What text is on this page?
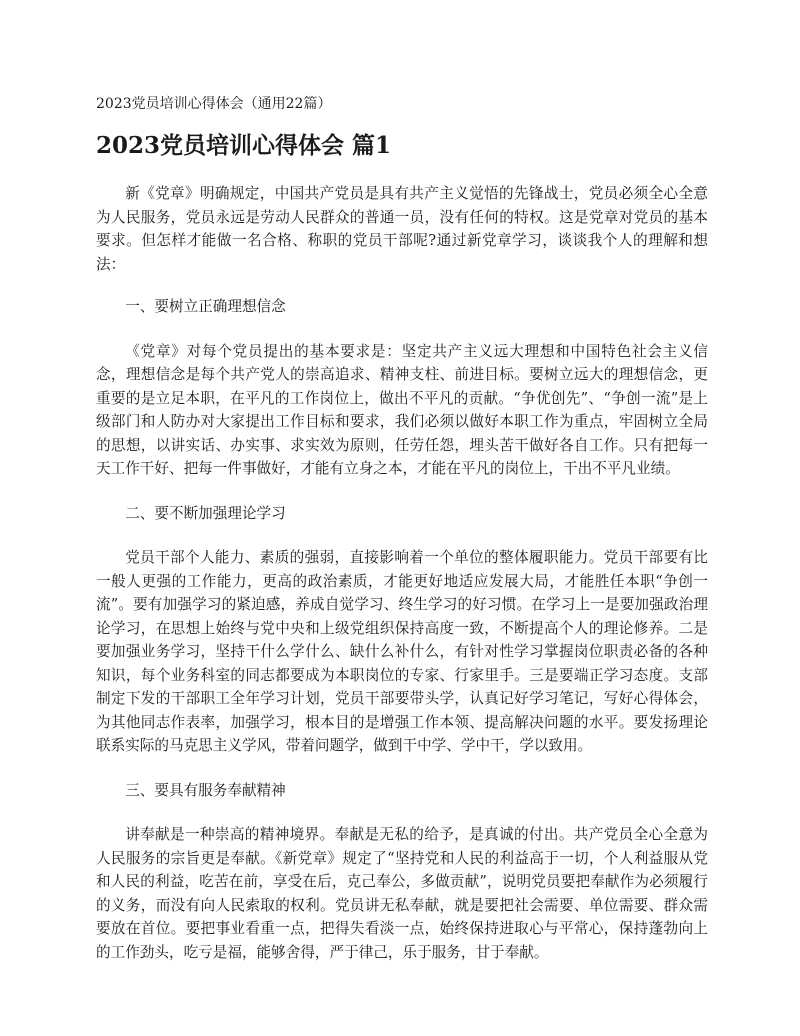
2023党员培训心得体会（通用22篇）
2023党员培训心得体会 篇1

新《党章》明确规定，中国共产党员是具有共产主义觉悟的先锋战士，党员必须全心全意为人民服务，党员永远是劳动人民群众的普通一员，没有任何的特权。这是党章对党员的基本要求。但怎样才能做一名合格、称职的党员干部呢?通过新党章学习，谈谈我个人的理解和想法：

一、要树立正确理想信念

《党章》对每个党员提出的基本要求是：坚定共产主义远大理想和中国特色社会主义信念，理想信念是每个共产党人的崇高追求、精神支柱、前进目标。要树立远大的理想信念，更重要的是立足本职，在平凡的工作岗位上，做出不平凡的贡献。“争优创先”、“争创一流”是上级部门和人防办对大家提出工作目标和要求，我们必须以做好本职工作为重点，牢固树立全局的思想，以讲实话、办实事、求实效为原则，任劳任怨，埋头苦干做好各自工作。只有把每一天工作干好、把每一件事做好，才能有立身之本，才能在平凡的岗位上，干出不平凡业绩。

二、要不断加强理论学习

党员干部个人能力、素质的强弱，直接影响着一个单位的整体履职能力。党员干部要有比一般人更强的工作能力，更高的政治素质，才能更好地适应发展大局，才能胜任本职“争创一流”。要有加强学习的紧迫感，养成自觉学习、终生学习的好习惯。在学习上一是要加强政治理论学习，在思想上始终与党中央和上级党组织保持高度一致，不断提高个人的理论修养。二是要加强业务学习，坚持干什么学什么、缺什么补什么，有针对性学习掌握岗位职责必备的各种知识，每个业务科室的同志都要成为本职岗位的专家、行家里手。三是要端正学习态度。支部制定下发的干部职工全年学习计划，党员干部要带头学，认真记好学习笔记，写好心得体会，为其他同志作表率，加强学习，根本目的是增强工作本领、提高解决问题的水平。要发扬理论联系实际的马克思主义学风，带着问题学，做到干中学、学中干，学以致用。

三、要具有服务奉献精神

讲奉献是一种崇高的精神境界。奉献是无私的给予，是真诚的付出。共产党员全心全意为人民服务的宗旨更是奉献。《新党章》规定了“坚持党和人民的利益高于一切，个人利益服从党和人民的利益，吃苦在前，享受在后，克己奉公，多做贡献”，说明党员要把奉献作为必须履行的义务，而没有向人民索取的权利。党员讲无私奉献，就是要把社会需要、单位需要、群众需要放在首位。要把事业看重一点，把得失看淡一点，始终保持进取心与平常心，保持蓬勃向上的工作劲头，吃亏是福，能够舍得，严于律己，乐于服务，甘于奉献。
